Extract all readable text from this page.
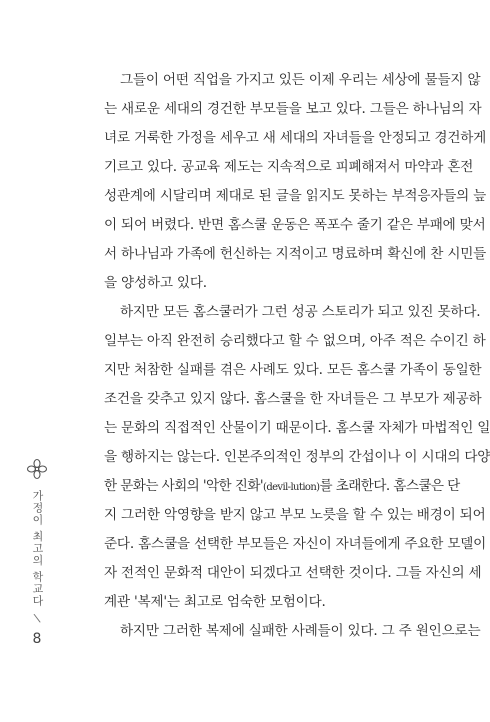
그들이 어떤 직업을 가지고 있든 이제 우리는 세상에 물들지 않
는 새로운 세대의 경건한 부모들을 보고 있다. 그들은 하나님의 자
녀로 거룩한 가정을 세우고 새 세대의 자녀들을 안정되고 경건하게
기르고 있다. 공교육 제도는 지속적으로 피폐해져서 마약과 혼전
성관계에 시달리며 제대로 된 글을 읽지도 못하는 부적응자들의 늪
이 되어 버렸다. 반면 홈스쿨 운동은 폭포수 줄기 같은 부패에 맞서
서 하나님과 가족에 헌신하는 지적이고 명료하며 확신에 찬 시민들
을 양성하고 있다.
하지만 모든 홈스쿨러가 그런 성공 스토리가 되고 있진 못하다.
일부는 아직 완전히 승리했다고 할 수 없으며, 아주 적은 수이긴 하
지만 처참한 실패를 겪은 사례도 있다. 모든 홈스쿨 가족이 동일한
조건을 갖추고 있지 않다. 홈스쿨을 한 자녀들은 그 부모가 제공하
는 문화의 직접적인 산물이기 때문이다. 홈스쿨 자체가 마법적인 일
을 행하지는 않는다. 인본주의적인 정부의 간섭이나 이 시대의 다양
한 문화는 사회의 '악한 진화'(devil-lution)를 초래한다. 홈스쿨은 단
지 그러한 악영향을 받지 않고 부모 노릇을 할 수 있는 배경이 되어
준다. 홈스쿨을 선택한 부모들은 자신이 자녀들에게 주요한 모델이
자 전적인 문화적 대안이 되겠다고 선택한 것이다. 그들 자신의 세
계관 '복제'는 최고로 엄숙한 모험이다.
하지만 그러한 복제에 실패한 사례들이 있다. 그 주 원인으로는
가정이 최고의 학교다
\
8
